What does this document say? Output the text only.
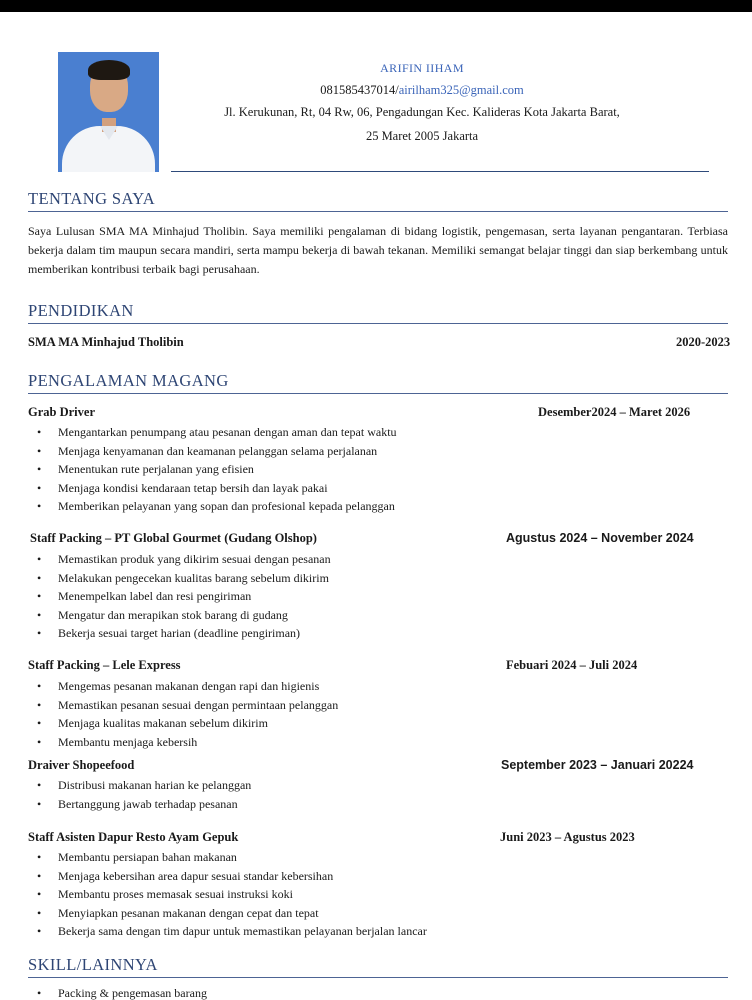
ARIFIN IIHAM
081585437014/airilham325@gmail.com
Jl. Kerukunan, Rt, 04 Rw, 06, Pengadungan Kec. Kalideras Kota Jakarta Barat,
25 Maret 2005 Jakarta
TENTANG SAYA
Saya Lulusan SMA MA Minhajud Tholibin. Saya memiliki pengalaman di bidang logistik, pengemasan, serta layanan pengantaran. Terbiasa bekerja dalam tim maupun secara mandiri, serta mampu bekerja di bawah tekanan. Memiliki semangat belajar tinggi dan siap berkembang untuk memberikan kontribusi terbaik bagi perusahaan.
PENDIDIKAN
SMA MA Minhajud Tholibin	2020-2023
PENGALAMAN MAGANG
Grab Driver	Desember2024 – Maret 2026
• Mengantarkan penumpang atau pesanan dengan aman dan tepat waktu
• Menjaga kenyamanan dan keamanan pelanggan selama perjalanan
• Menentukan rute perjalanan yang efisien
• Menjaga kondisi kendaraan tetap bersih dan layak pakai
• Memberikan pelayanan yang sopan dan profesional kepada pelanggan
Staff Packing – PT Global Gourmet (Gudang Olshop)	Agustus 2024 – November 2024
• Memastikan produk yang dikirim sesuai dengan pesanan
• Melakukan pengecekan kualitas barang sebelum dikirim
• Menempelkan label dan resi pengiriman
• Mengatur dan merapikan stok barang di gudang
• Bekerja sesuai target harian (deadline pengiriman)
Staff Packing – Lele Express	Febuari 2024 – Juli 2024
• Mengemas pesanan makanan dengan rapi dan higienis
• Memastikan pesanan sesuai dengan permintaan pelanggan
• Menjaga kualitas makanan sebelum dikirim
• Membantu menjaga kebersih
Draiver Shopeefood	September 2023 – Januari 20224
• Distribusi makanan harian ke pelanggan
• Bertanggung jawab terhadap pesanan
Staff Asisten Dapur Resto Ayam Gepuk	Juni 2023 – Agustus 2023
• Membantu persiapan bahan makanan
• Menjaga kebersihan area dapur sesuai standar kebersihan
• Membantu proses memasak sesuai instruksi koki
• Menyiapkan pesanan makanan dengan cepat dan tepat
• Bekerja sama dengan tim dapur untuk memastikan pelayanan berjalan lancar
SKILL/LAINNYA
• Packing & pengemasan barang
